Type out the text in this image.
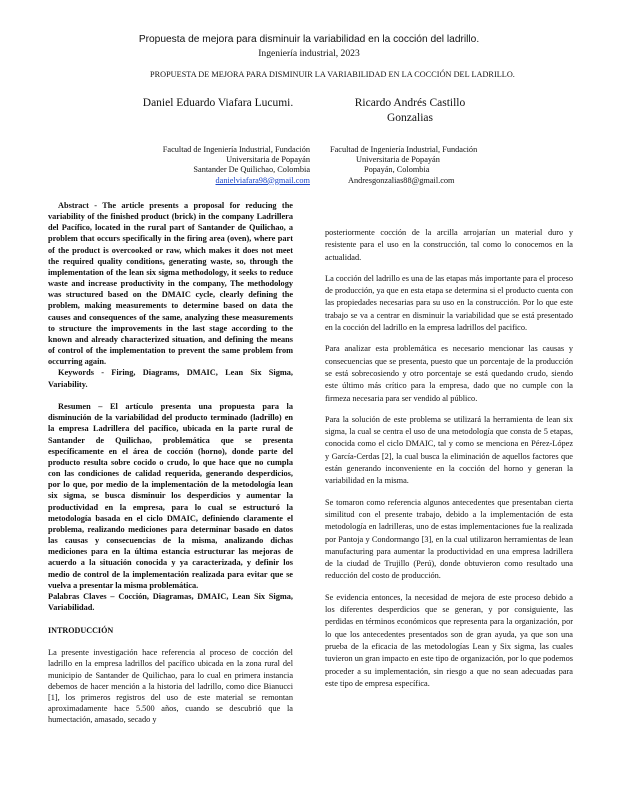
Propuesta de mejora para disminuir la variabilidad en la cocción del ladrillo.
Ingeniería industrial, 2023
PROPUESTA DE MEJORA PARA DISMINUIR LA VARIABILIDAD EN LA COCCIÓN DEL LADRILLO.
Daniel Eduardo Viafara Lucumi.	Ricardo Andrés Castillo
Gonzalias
Facultad de Ingeniería Industrial, Fundación
Universitaria de Popayán
Santander De Quilichao, Colombia
danielviafara98@gmail.com
Facultad de Ingeniería Industrial, Fundación
Universitaria de Popayán
Popayán, Colombia
Andresgonzalias88@gmail.com

Abstract - The article presents a proposal for reducing the variability of the finished product (brick) in the company Ladrillera del Pacífico, located in the rural part of Santander de Quilichao, a problem that occurs specifically in the firing area (oven), where part of the product is overcooked or raw, which makes it does not meet the required quality conditions, generating waste, so, through the implementation of the lean six sigma methodology, it seeks to reduce waste and increase productivity in the company, The methodology was structured based on the DMAIC cycle, clearly defining the problem, making measurements to determine based on data the causes and consequences of the same, analyzing these measurements to structure the improvements in the last stage according to the known and already characterized situation, and defining the means of control of the implementation to prevent the same problem from occurring again.

Keywords - Firing, Diagrams, DMAIC, Lean Six Sigma, Variability.

Resumen – El artículo presenta una propuesta para la disminución de la variabilidad del producto terminado (ladrillo) en la empresa Ladrillera del pacífico, ubicada en la parte rural de Santander de Quilichao, problemática que se presenta específicamente en el área de cocción (horno), donde parte del producto resulta sobre cocido o crudo, lo que hace que no cumpla con las condiciones de calidad requerida, generando desperdicios, por lo que, por medio de la implementación de la metodología lean six sigma, se busca disminuir los desperdicios y aumentar la productividad en la empresa, para lo cual se estructuró la metodología basada en el ciclo DMAIC, definiendo claramente el problema, realizando mediciones para determinar basado en datos las causas y consecuencias de la misma, analizando dichas mediciones para en la última estancia estructurar las mejoras de acuerdo a la situación conocida y ya caracterizada, y definir los medio de control de la implementación realizada para evitar que se vuelva a presentar la misma problemática.

Palabras Claves – Cocción, Diagramas, DMAIC, Lean Six Sigma, Variabilidad.

INTRODUCCIÓN

La presente investigación hace referencia al proceso de cocción del ladrillo en la empresa ladrillos del pacífico ubicada en la zona rural del municipio de Santander de Quilichao, para lo cual en primera instancia debemos de hacer mención a la historia del ladrillo, como dice Bianucci [1], los primeros registros del uso de este material se remontan aproximadamente hace 5.500 años, cuando se descubrió que la humectación, amasado, secado y

posteriormente cocción de la arcilla arrojarían un material duro y resistente para el uso en la construcción, tal como lo conocemos en la actualidad.

La cocción del ladrillo es una de las etapas más importante para el proceso de producción, ya que en esta etapa se determina si el producto cuenta con las propiedades necesarias para su uso en la construcción. Por lo que este trabajo se va a centrar en disminuir la variabilidad que se está presentado en la cocción del ladrillo en la empresa ladrillos del pacifico.

Para analizar esta problemática es necesario mencionar las causas y consecuencias que se presenta, puesto que un porcentaje de la producción se está sobrecosiendo y otro porcentaje se está quedando crudo, siendo este último más crítico para la empresa, dado que no cumple con la firmeza necesaria para ser vendido al público.

Para la solución de este problema se utilizará la herramienta de lean six sigma, la cual se centra el uso de una metodología que consta de 5 etapas, conocida como el ciclo DMAIC, tal y como se menciona en Pérez-López y García-Cerdas [2], la cual busca la eliminación de aquellos factores que están generando inconveniente en la cocción del horno y generan la variabilidad en la misma.

Se tomaron como referencia algunos antecedentes que presentaban cierta similitud con el presente trabajo, debido a la implementación de esta metodología en ladrilleras, uno de estas implementaciones fue la realizada por Pantoja y Condormango [3], en la cual utilizaron herramientas de lean manufacturing para aumentar la productividad en una empresa ladrillera de la ciudad de Trujillo (Perú), donde obtuvieron como resultado una reducción del costo de producción.

Se evidencia entonces, la necesidad de mejora de este proceso debido a los diferentes desperdicios que se generan, y por consiguiente, las perdidas en términos económicos que representa para la organización, por lo que los antecedentes presentados son de gran ayuda, ya que son una prueba de la eficacia de las metodologías Lean y Six sigma, las cuales tuvieron un gran impacto en este tipo de organización, por lo que podemos proceder a su implementación, sin riesgo a que no sean adecuadas para este tipo de empresa específica.
